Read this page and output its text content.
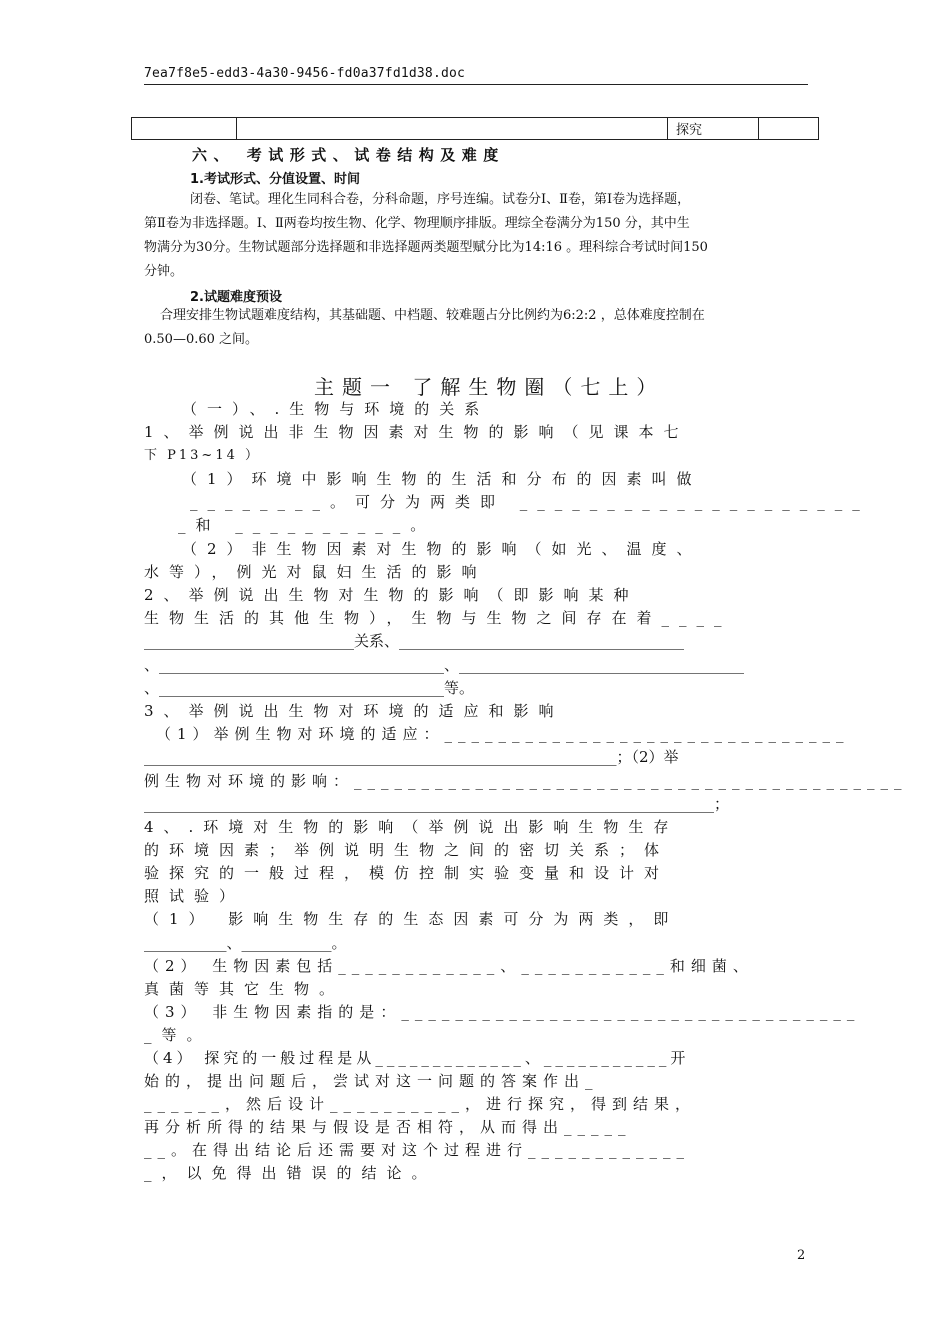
7ea7f8e5-edd3-4a30-9456-fd0a37fd1d38.doc
		探究	
六、 考试形式、试卷结构及难度
1.考试形式、分值设置、时间
闭卷、笔试。理化生同科合卷，分科命题，序号连编。试卷分Ⅰ、Ⅱ卷，第Ⅰ卷为选择题，
第Ⅱ卷为非选择题。Ⅰ、Ⅱ两卷均按生物、化学、物理顺序排版。理综全卷满分为150 分，其中生
物满分为30分。生物试题部分选择题和非选择题两类题型赋分比为14:16 。理科综合考试时间150
分钟。
2.试题难度预设
合理安排生物试题难度结构，其基础题、中档题、较难题占分比例约为6:2:2 ，总体难度控制在
0.50—0.60 之间。
主题一 了解生物圈（七上）
（一）、.生物与环境的关系
1、举例说出非生物因素对生物的影响（见课本七
下 P13~14 ）
（1）环境中影响生物的生活和分布的因素叫做
________。可分为两类即 ____________________
_和 __________。
（2）非生物因素对生物的影响（如光、温度、
水等），例光对鼠妇生活的影响
2、举例说出生物对生物的影响（即影响某种
生物生活的其他生物），生物与生物之间存在着____
____________________________关系、______________________________________
、______________________________________、______________________________________
、______________________________________等。
3、举例说出生物对环境的适应和影响
（1）举例生物对环境的适应：______________________________
_______________________________________________________________；（2）举
例生物对环境的影响：_________________________________________
____________________________________________________________________________；
4、.环境对生物的影响（举例说出影响生物生存
的环境因素；举例说明生物之间的密切关系；体
验探究的一般过程，模仿控制实验变量和设计对
照试验）
（1） 影响生物生存的生态因素可分为两类，即
___________、____________。
（2） 生物因素包括____________、___________和细菌、
真菌等其它生物。
（3） 非生物因素指的是：__________________________________
_等。
（4） 探究的一般过程是从_____________、___________开
始的，提出问题后，尝试对这一问题的答案作出_
______，然后设计__________，进行探究，得到结果，
再分析所得的结果与假设是否相符，从而得出_____
__。在得出结论后还需要对这个过程进行____________
_，以免得出错误的结论。
2
